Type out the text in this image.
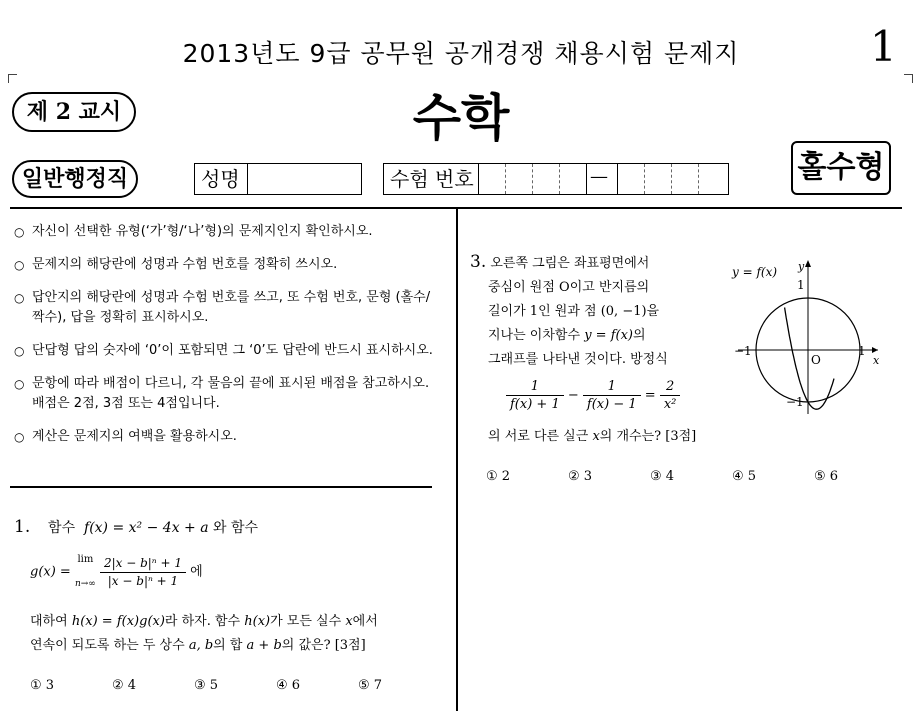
2013년도 9급 공무원 공개경쟁 채용시험 문제지	1
제 2 교시	수학
일반행정직	홀수형
성명	수험 번호	—
○ 자신이 선택한 유형(‘가’형/‘나’형)의 문제지인지 확인하시오.
○ 문제지의 해당란에 성명과 수험 번호를 정확히 쓰시오.
○ 답안지의 해당란에 성명과 수험 번호를 쓰고, 또 수험 번호, 문형 (홀수/짝수), 답을 정확히 표시하시오.
○ 단답형 답의 숫자에 ‘0’이 포함되면 그 ‘0’도 답란에 반드시 표시하시오.
○ 문항에 따라 배점이 다르니, 각 물음의 끝에 표시된 배점을 참고하시오. 배점은 2점, 3점 또는 4점입니다.
○ 계산은 문제지의 여백을 활용하시오.
1. 함수 f(x) = x² − 4x + a 와 함수
g(x) =
lim
n→∞
$\frac{\text{2|x − b|ⁿ + 1}}{\text{|x − b|ⁿ + 1}}$ 에
대하여 h(x) = f(x)g(x)라 하자. 함수 h(x)가 모든 실수 x에서
연속이 되도록 하는 두 상수 a, b의 합 a + b의 값은? [3점]
① 3	② 4	③ 5	④ 6	⑤ 7
3. 오른쪽 그림은 좌표평면에서
중심이 원점 O이고 반지름의
길이가 1인 원과 점 (0, −1)을
지나는 이차함수 y = f(x)의
그래프를 나타낸 것이다. 방정식
$\frac{1}{f(x) + 1} - \frac{1}{f(x) - 1} = \frac{2}{\text{x²}}$
의 서로 다른 실근 x의 개수는? [3점]
① 2	② 3	③ 4	④ 5	⑤ 6
y = f(x) y
x
O
1
−1	1
−1
